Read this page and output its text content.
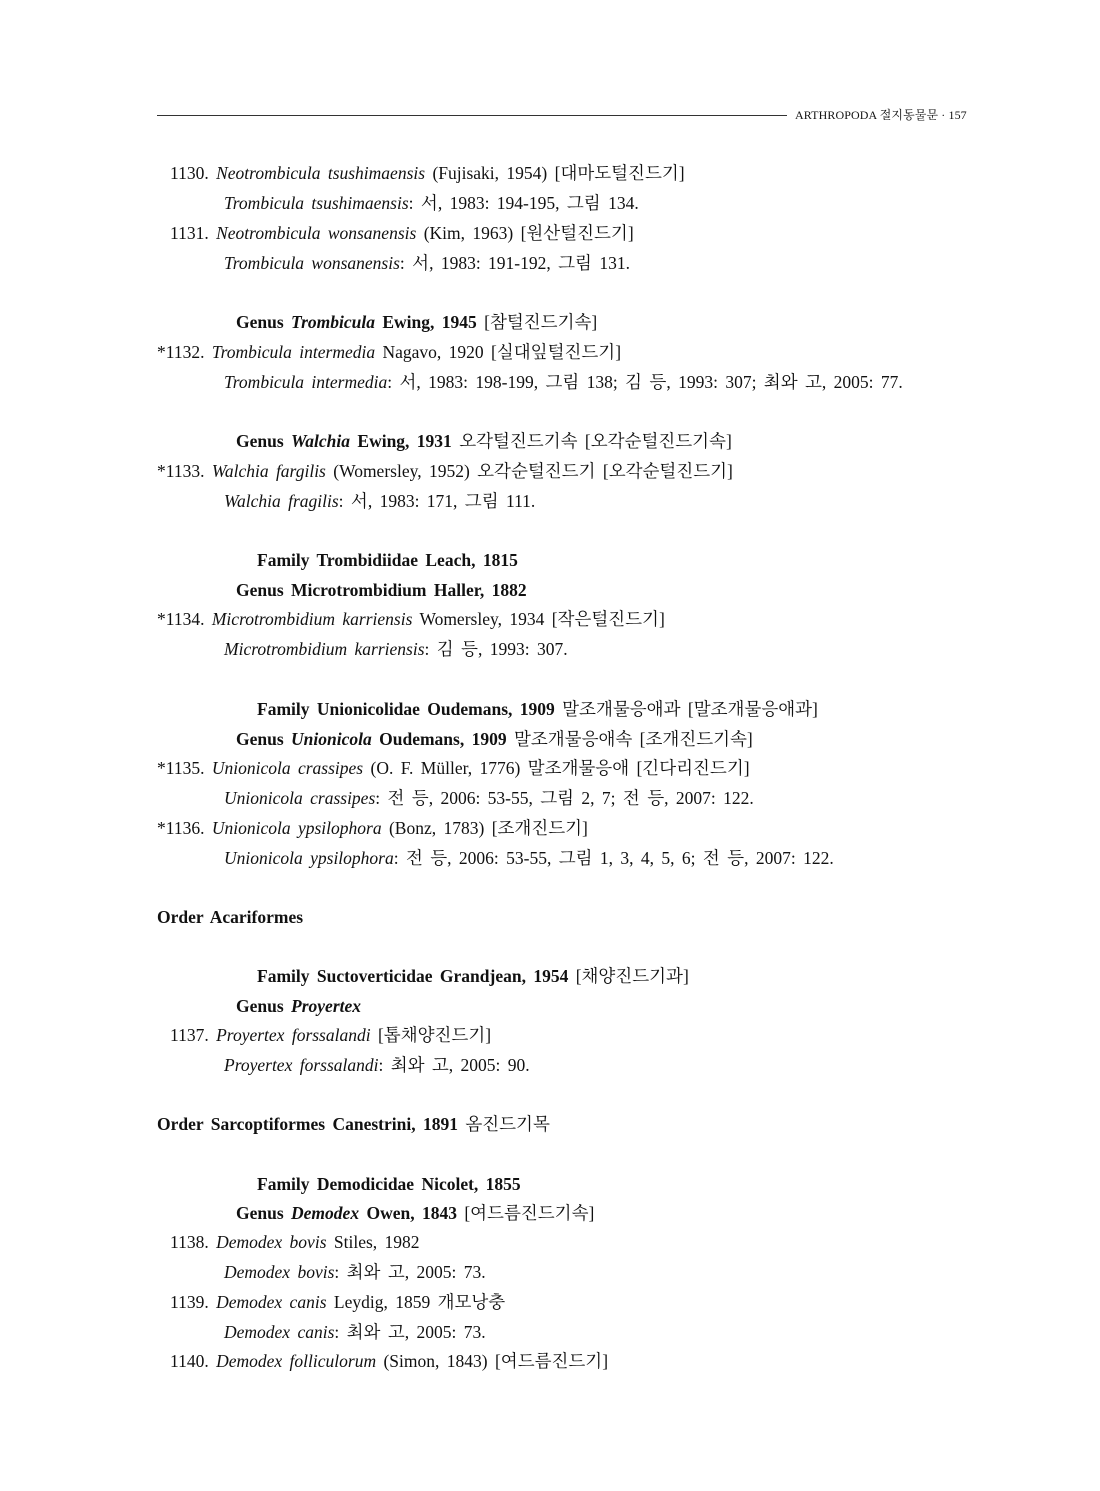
ARTHROPODA 절지동물문 · 157
1130. Neotrombicula tsushimaensis (Fujisaki, 1954) [대마도털진드기]
Trombicula tsushimaensis: 서, 1983: 194-195, 그림 134.
1131. Neotrombicula wonsanensis (Kim, 1963) [원산털진드기]
Trombicula wonsanensis: 서, 1983: 191-192, 그림 131.
Genus Trombicula Ewing, 1945 [참털진드기속]
*1132. Trombicula intermedia Nagavo, 1920 [실대잎털진드기]
Trombicula intermedia: 서, 1983: 198-199, 그림 138; 김 등, 1993: 307; 최와 고, 2005: 77.
Genus Walchia Ewing, 1931 오각털진드기속 [오각순털진드기속]
*1133. Walchia fargilis (Womersley, 1952) 오각순털진드기 [오각순털진드기]
Walchia fragilis: 서, 1983: 171, 그림 111.
Family Trombidiidae Leach, 1815
Genus Microtrombidium Haller, 1882
*1134. Microtrombidium karriensis Womersley, 1934 [작은털진드기]
Microtrombidium karriensis: 김 등, 1993: 307.
Family Unionicolidae Oudemans, 1909 말조개물응애과 [말조개물응애과]
Genus Unionicola Oudemans, 1909 말조개물응애속 [조개진드기속]
*1135. Unionicola crassipes (O. F. Müller, 1776) 말조개물응애 [긴다리진드기]
Unionicola crassipes: 전 등, 2006: 53-55, 그림 2, 7; 전 등, 2007: 122.
*1136. Unionicola ypsilophora (Bonz, 1783) [조개진드기]
Unionicola ypsilophora: 전 등, 2006: 53-55, 그림 1, 3, 4, 5, 6; 전 등, 2007: 122.
Order Acariformes
Family Suctoverticidae Grandjean, 1954 [채양진드기과]
Genus Proyertex
1137. Proyertex forssalandi [톱채양진드기]
Proyertex forssalandi: 최와 고, 2005: 90.
Order Sarcoptiformes Canestrini, 1891 옴진드기목
Family Demodicidae Nicolet, 1855
Genus Demodex Owen, 1843 [여드름진드기속]
1138. Demodex bovis Stiles, 1982
Demodex bovis: 최와 고, 2005: 73.
1139. Demodex canis Leydig, 1859 개모낭충
Demodex canis: 최와 고, 2005: 73.
1140. Demodex folliculorum (Simon, 1843) [여드름진드기]
